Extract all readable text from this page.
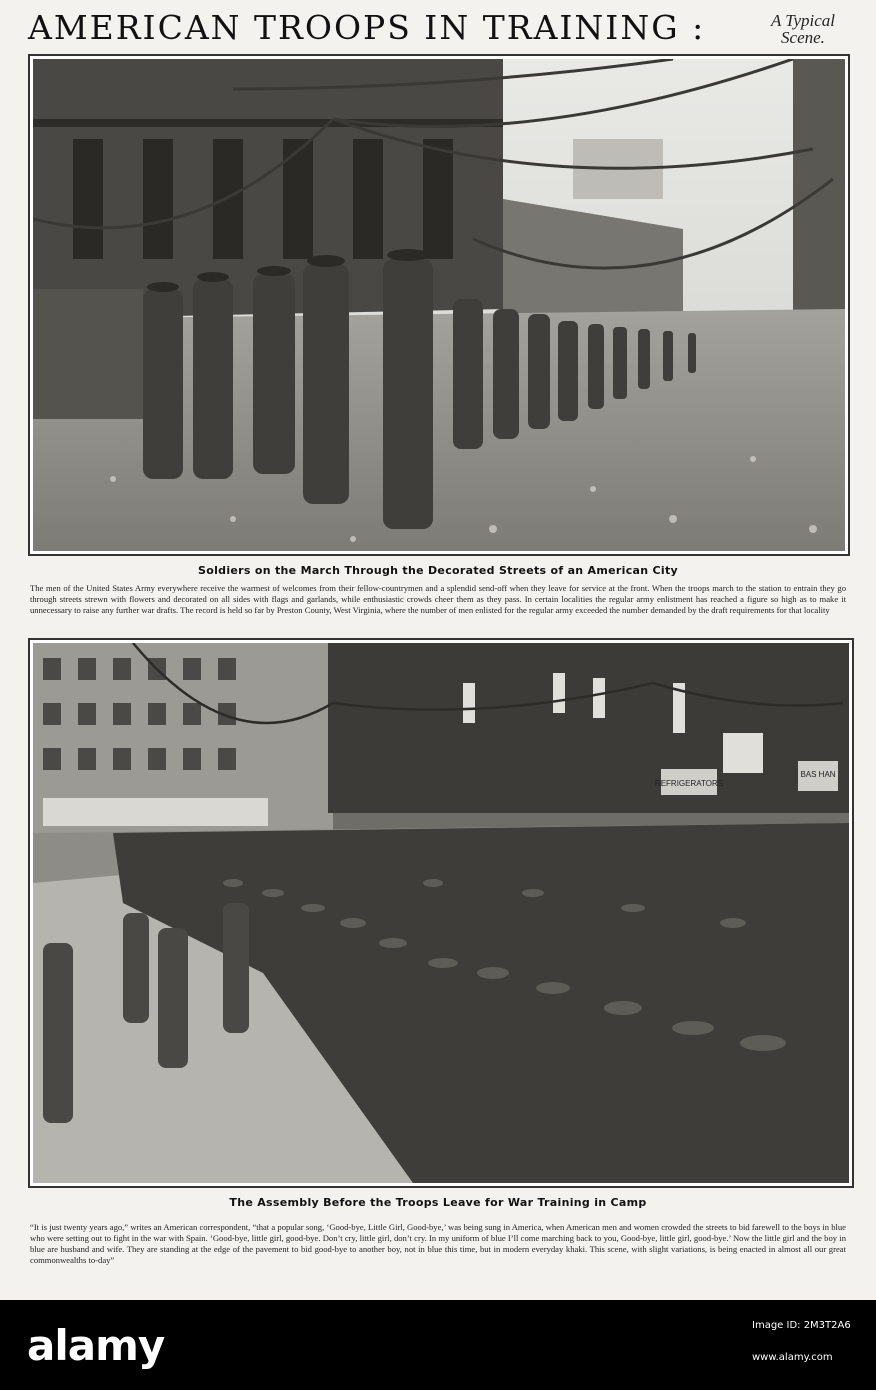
AMERICAN TROOPS IN TRAINING :	A Typical Scene.
Soldiers on the March Through the Decorated Streets of an American City
The men of the United States Army everywhere receive the warmest of welcomes from their fellow-countrymen and a splendid send-off when they leave for service at the front. When the troops march to the station to entrain they go through streets strewn with flowers and decorated on all sides with flags and garlands, while enthusiastic crowds cheer them as they pass. In certain localities the regular army enlistment has reached a figure so high as to make it unnecessary to raise any further war drafts. The record is held so far by Preston County, West Virginia, where the number of men enlisted for the regular army exceeded the number demanded by the draft requirements for that locality
REFRIGERATORS
BAS HAN
The Assembly Before the Troops Leave for War Training in Camp
“It is just twenty years ago,” writes an American correspondent, “that a popular song, ‘Good-bye, Little Girl, Good-bye,’ was being sung in America, when American men and women crowded the streets to bid farewell to the boys in blue who were setting out to fight in the war with Spain. ‘Good-bye, little girl, good-bye. Don’t cry, little girl, don’t cry. In my uniform of blue I’ll come marching back to you, Good-bye, little girl, good-bye.’ Now the little girl and the boy in blue are husband and wife. They are standing at the edge of the pavement to bid good-bye to another boy, not in blue this time, but in modern everyday khaki. This scene, with slight variations, is being enacted in almost all our great commonwealths to-day”
alamy	Image ID: 2M3T2A6
www.alamy.com
